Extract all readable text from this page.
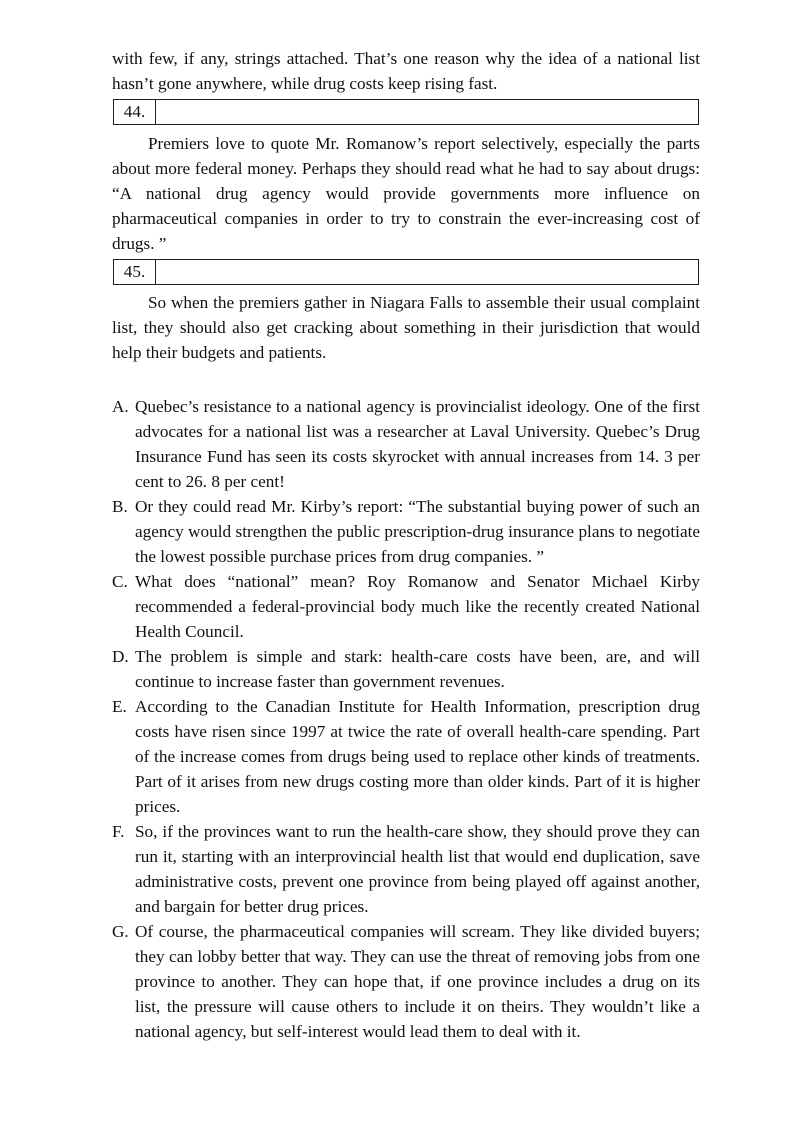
with few, if any, strings attached. That’s one reason why the idea of a national list hasn’t gone anywhere, while drug costs keep rising fast.

44.

Premiers love to quote Mr. Romanow’s report selectively, especially the parts about more federal money. Perhaps they should read what he had to say about drugs: “A national drug agency would provide governments more influence on pharmaceutical companies in order to try to constrain the ever-increasing cost of drugs. ”

45.

So when the premiers gather in Niagara Falls to assemble their usual complaint list, they should also get cracking about something in their jurisdiction that would help their budgets and patients.

A. Quebec’s resistance to a national agency is provincialist ideology. One of the first advocates for a national list was a researcher at Laval University. Quebec’s Drug Insurance Fund has seen its costs skyrocket with annual increases from 14. 3 per cent to 26. 8 per cent!
B. Or they could read Mr. Kirby’s report: “The substantial buying power of such an agency would strengthen the public prescription-drug insurance plans to negotiate the lowest possible purchase prices from drug companies. ”
C. What does “national” mean? Roy Romanow and Senator Michael Kirby recommended a federal-provincial body much like the recently created National Health Council.
D. The problem is simple and stark: health-care costs have been, are, and will continue to increase faster than government revenues.
E. According to the Canadian Institute for Health Information, prescription drug costs have risen since 1997 at twice the rate of overall health-care spending. Part of the increase comes from drugs being used to replace other kinds of treatments. Part of it arises from new drugs costing more than older kinds. Part of it is higher prices.
F. So, if the provinces want to run the health-care show, they should prove they can run it, starting with an interprovincial health list that would end duplication, save administrative costs, prevent one province from being played off against another, and bargain for better drug prices.
G. Of course, the pharmaceutical companies will scream. They like divided buyers; they can lobby better that way. They can use the threat of removing jobs from one province to another. They can hope that, if one province includes a drug on its list, the pressure will cause others to include it on theirs. They wouldn’t like a national agency, but self-interest would lead them to deal with it.
